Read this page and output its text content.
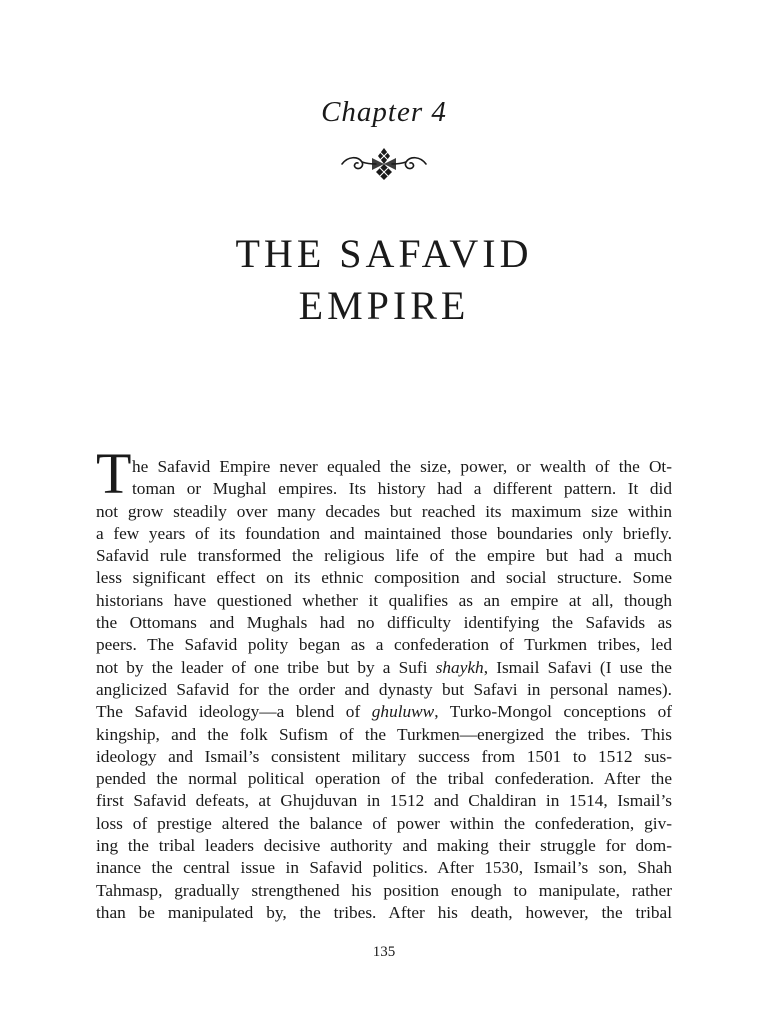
Chapter 4
THE SAFAVID
EMPIRE
T he Safavid Empire never equaled the size, power, or wealth of the Ot-
toman or Mughal empires. Its history had a different pattern. It did
not grow steadily over many decades but reached its maximum size within
a few years of its foundation and maintained those boundaries only briefly.
Safavid rule transformed the religious life of the empire but had a much
less significant effect on its ethnic composition and social structure. Some
historians have questioned whether it qualifies as an empire at all, though
the Ottomans and Mughals had no difficulty identifying the Safavids as
peers. The Safavid polity began as a confederation of Turkmen tribes, led
not by the leader of one tribe but by a Sufi shaykh, Ismail Safavi (I use the
anglicized Safavid for the order and dynasty but Safavi in personal names).
The Safavid ideology—a blend of ghuluww, Turko-Mongol conceptions of
kingship, and the folk Sufism of the Turkmen—energized the tribes. This
ideology and Ismail’s consistent military success from 1501 to 1512 sus-
pended the normal political operation of the tribal confederation. After the
first Safavid defeats, at Ghujduvan in 1512 and Chaldiran in 1514, Ismail’s
loss of prestige altered the balance of power within the confederation, giv-
ing the tribal leaders decisive authority and making their struggle for dom-
inance the central issue in Safavid politics. After 1530, Ismail’s son, Shah
Tahmasp, gradually strengthened his position enough to manipulate, rather
than be manipulated by, the tribes. After his death, however, the tribal
135
